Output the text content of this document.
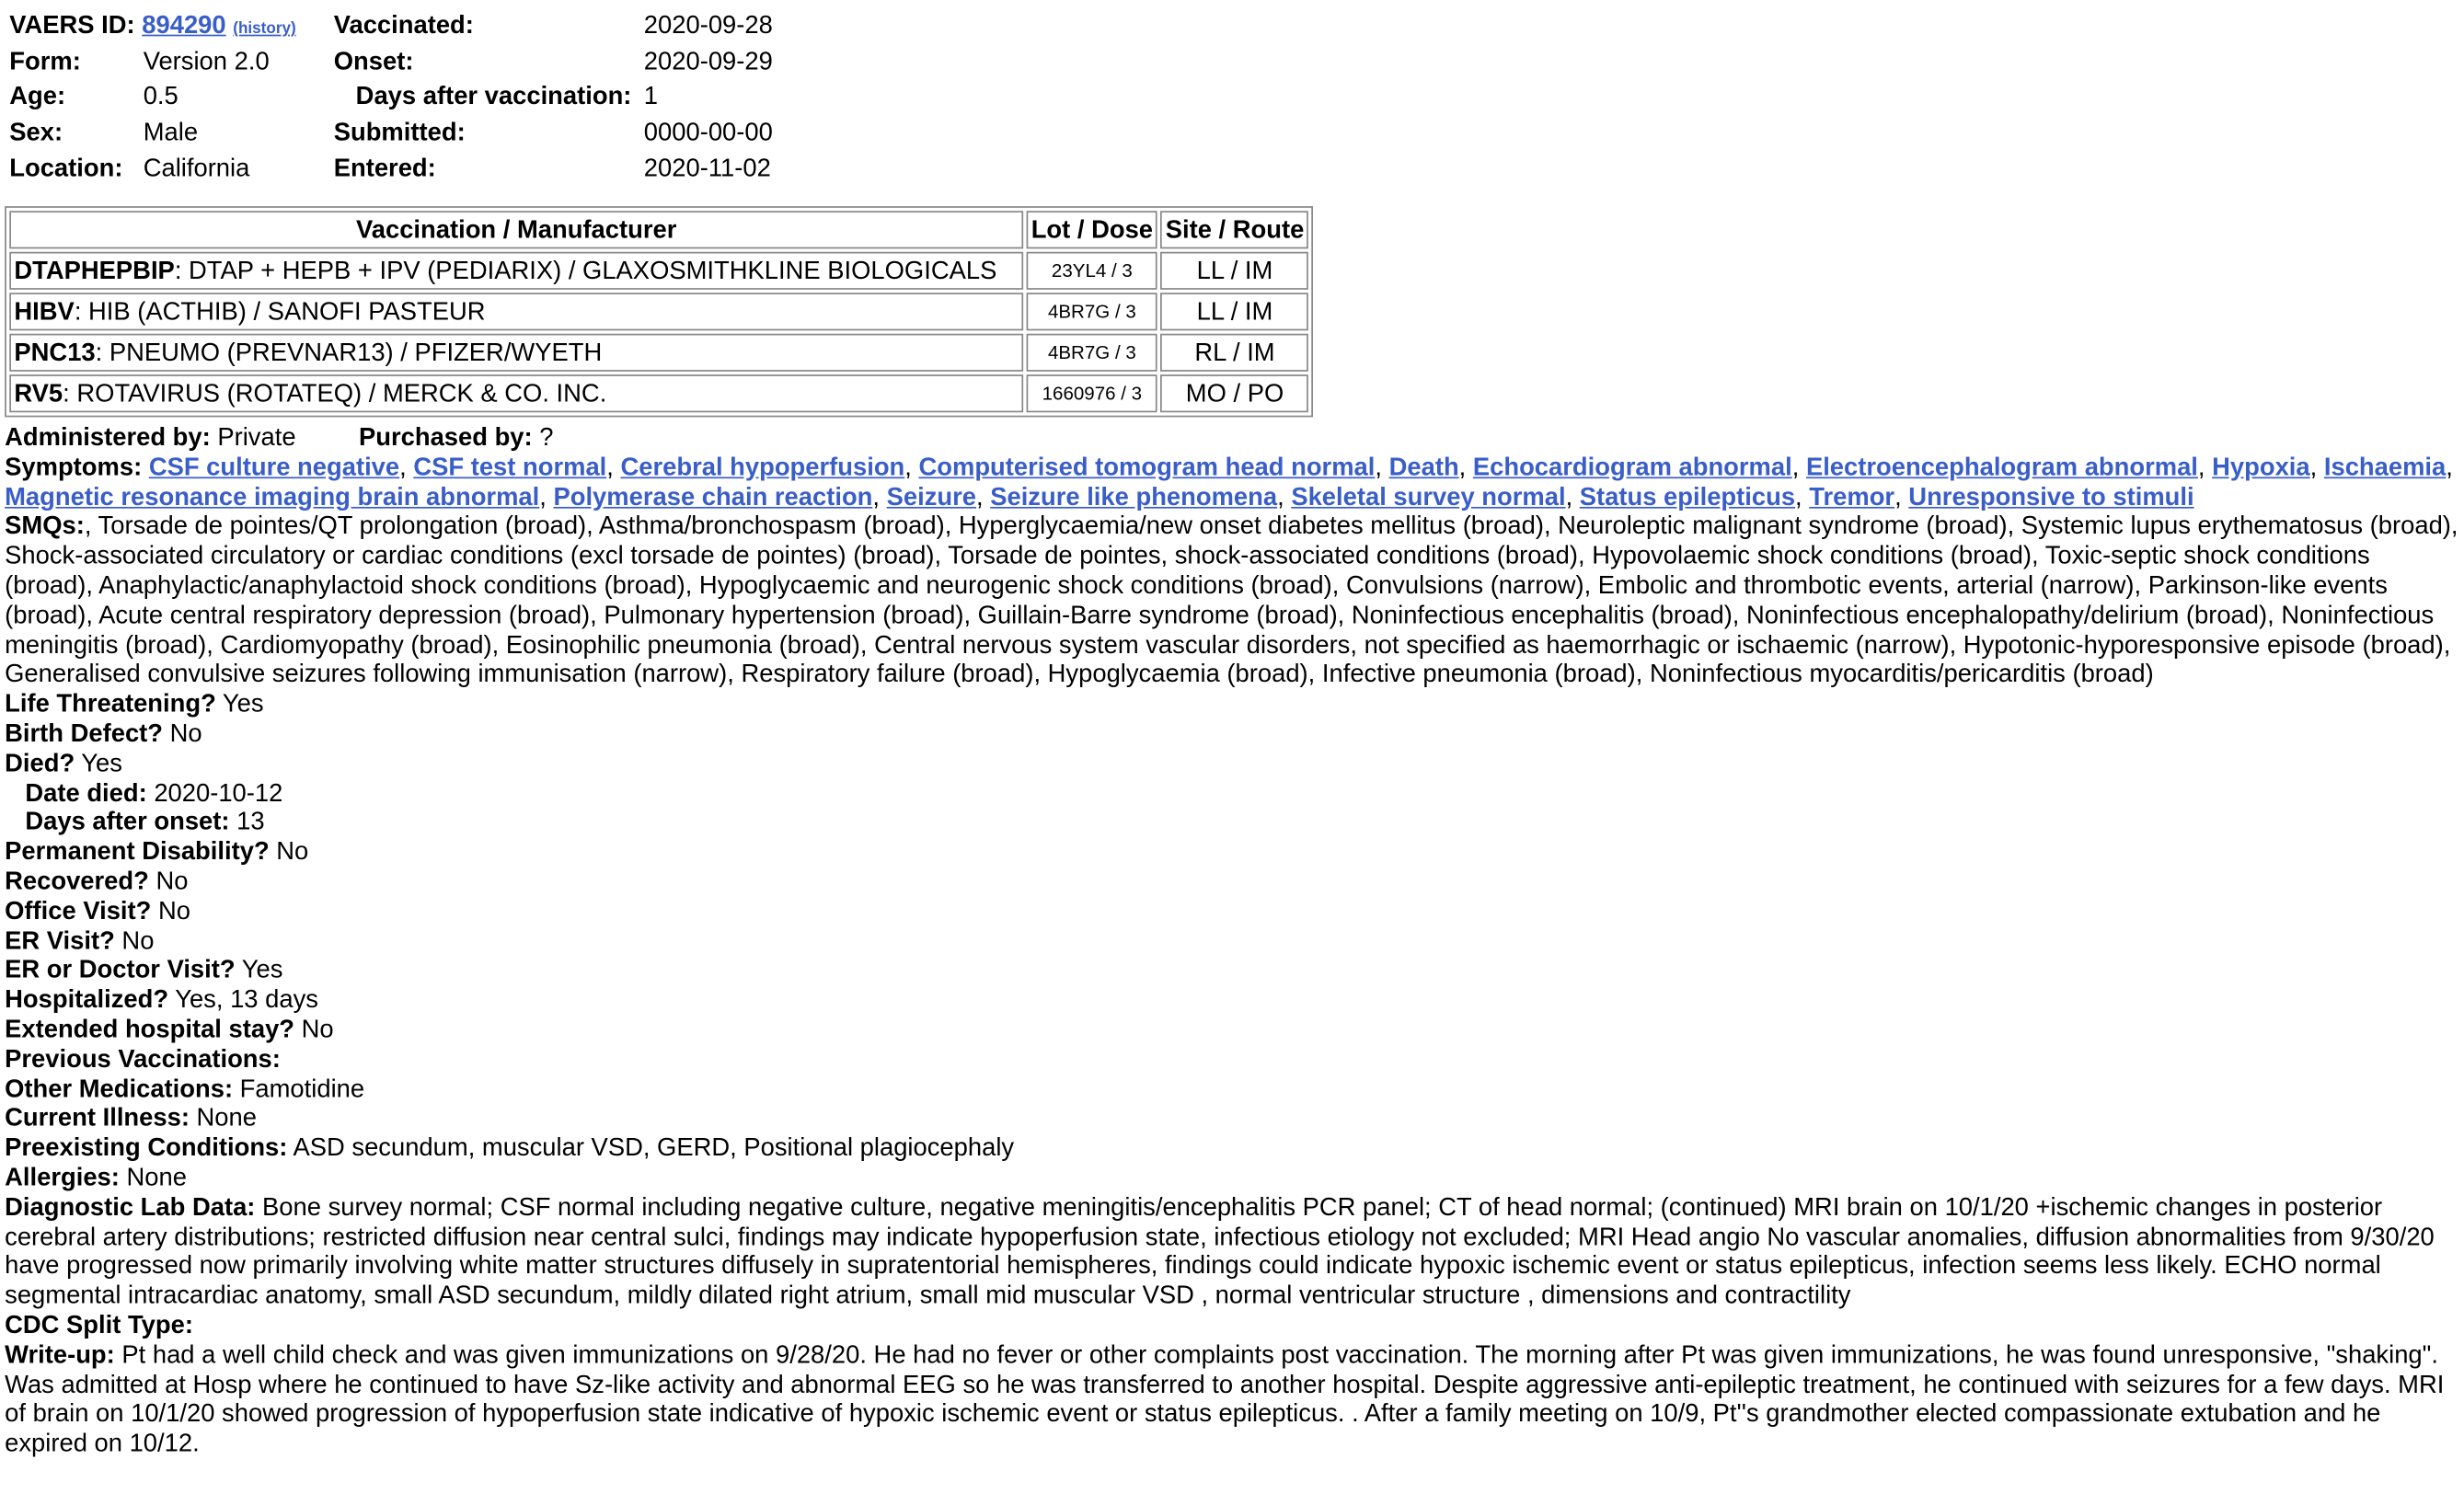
VAERS ID: 894290 (history)
Form:	Version 2.0
Age:	0.5
Sex:	Male
Location: California
Vaccinated:	2020-09-28
Onset:	2020-09-29
Days after vaccination: 1
Submitted:	0000-00-00
Entered:	2020-11-02
Vaccination / Manufacturer	Lot / Dose	Site / Route
DTAPHEPBIP: DTAP + HEPB + IPV (PEDIARIX) / GLAXOSMITHKLINE BIOLOGICALS	23YL4 / 3	LL / IM
HIBV: HIB (ACTHIB) / SANOFI PASTEUR	4BR7G / 3	LL / IM
PNC13: PNEUMO (PREVNAR13) / PFIZER/WYETH	4BR7G / 3	RL / IM
RV5: ROTAVIRUS (ROTATEQ) / MERCK & CO. INC.	1660976 / 3	MO / PO

Administered by: Private	Purchased by: ?

Symptoms: CSF culture negative, CSF test normal, Cerebral hypoperfusion, Computerised tomogram head normal, Death, Echocardiogram abnormal, Electroencephalogram abnormal, Hypoxia, Ischaemia, Magnetic resonance imaging brain abnormal, Polymerase chain reaction, Seizure, Seizure like phenomena, Skeletal survey normal, Status epilepticus, Tremor, Unresponsive to stimuli

SMQs:, Torsade de pointes/QT prolongation (broad), Asthma/bronchospasm (broad), Hyperglycaemia/new onset diabetes mellitus (broad), Neuroleptic malignant syndrome (broad), Systemic lupus erythematosus (broad), Shock-associated circulatory or cardiac conditions (excl torsade de pointes) (broad), Torsade de pointes, shock-associated conditions (broad), Hypovolaemic shock conditions (broad), Toxic-septic shock conditions (broad), Anaphylactic/anaphylactoid shock conditions (broad), Hypoglycaemic and neurogenic shock conditions (broad), Convulsions (narrow), Embolic and thrombotic events, arterial (narrow), Parkinson-like events (broad), Acute central respiratory depression (broad), Pulmonary hypertension (broad), Guillain-Barre syndrome (broad), Noninfectious encephalitis (broad), Noninfectious encephalopathy/delirium (broad), Noninfectious meningitis (broad), Cardiomyopathy (broad), Eosinophilic pneumonia (broad), Central nervous system vascular disorders, not specified as haemorrhagic or ischaemic (narrow), Hypotonic-hyporesponsive episode (broad), Generalised convulsive seizures following immunisation (narrow), Respiratory failure (broad), Hypoglycaemia (broad), Infective pneumonia (broad), Noninfectious myocarditis/pericarditis (broad)

Life Threatening? Yes

Birth Defect? No

Died? Yes

Date died: 2020-10-12

Days after onset: 13

Permanent Disability? No

Recovered? No

Office Visit? No

ER Visit? No

ER or Doctor Visit? Yes

Hospitalized? Yes, 13 days

Extended hospital stay? No

Previous Vaccinations:

Other Medications: Famotidine

Current Illness: None

Preexisting Conditions: ASD secundum, muscular VSD, GERD, Positional plagiocephaly

Allergies: None

Diagnostic Lab Data: Bone survey normal; CSF normal including negative culture, negative meningitis/encephalitis PCR panel; CT of head normal; (continued) MRI brain on 10/1/20 +ischemic changes in posterior cerebral artery distributions; restricted diffusion near central sulci, findings may indicate hypoperfusion state, infectious etiology not excluded; MRI Head angio No vascular anomalies, diffusion abnormalities from 9/30/20 have progressed now primarily involving white matter structures diffusely in supratentorial hemispheres, findings could indicate hypoxic ischemic event or status epilepticus, infection seems less likely. ECHO normal segmental intracardiac anatomy, small ASD secundum, mildly dilated right atrium, small mid muscular VSD , normal ventricular structure , dimensions and contractility

CDC Split Type:

Write-up: Pt had a well child check and was given immunizations on 9/28/20. He had no fever or other complaints post vaccination. The morning after Pt was given immunizations, he was found unresponsive, "shaking". Was admitted at Hosp where he continued to have Sz-like activity and abnormal EEG so he was transferred to another hospital. Despite aggressive anti-epileptic treatment, he continued with seizures for a few days. MRI of brain on 10/1/20 showed progression of hypoperfusion state indicative of hypoxic ischemic event or status epilepticus. . After a family meeting on 10/9, Pt''s grandmother elected compassionate extubation and he expired on 10/12.
